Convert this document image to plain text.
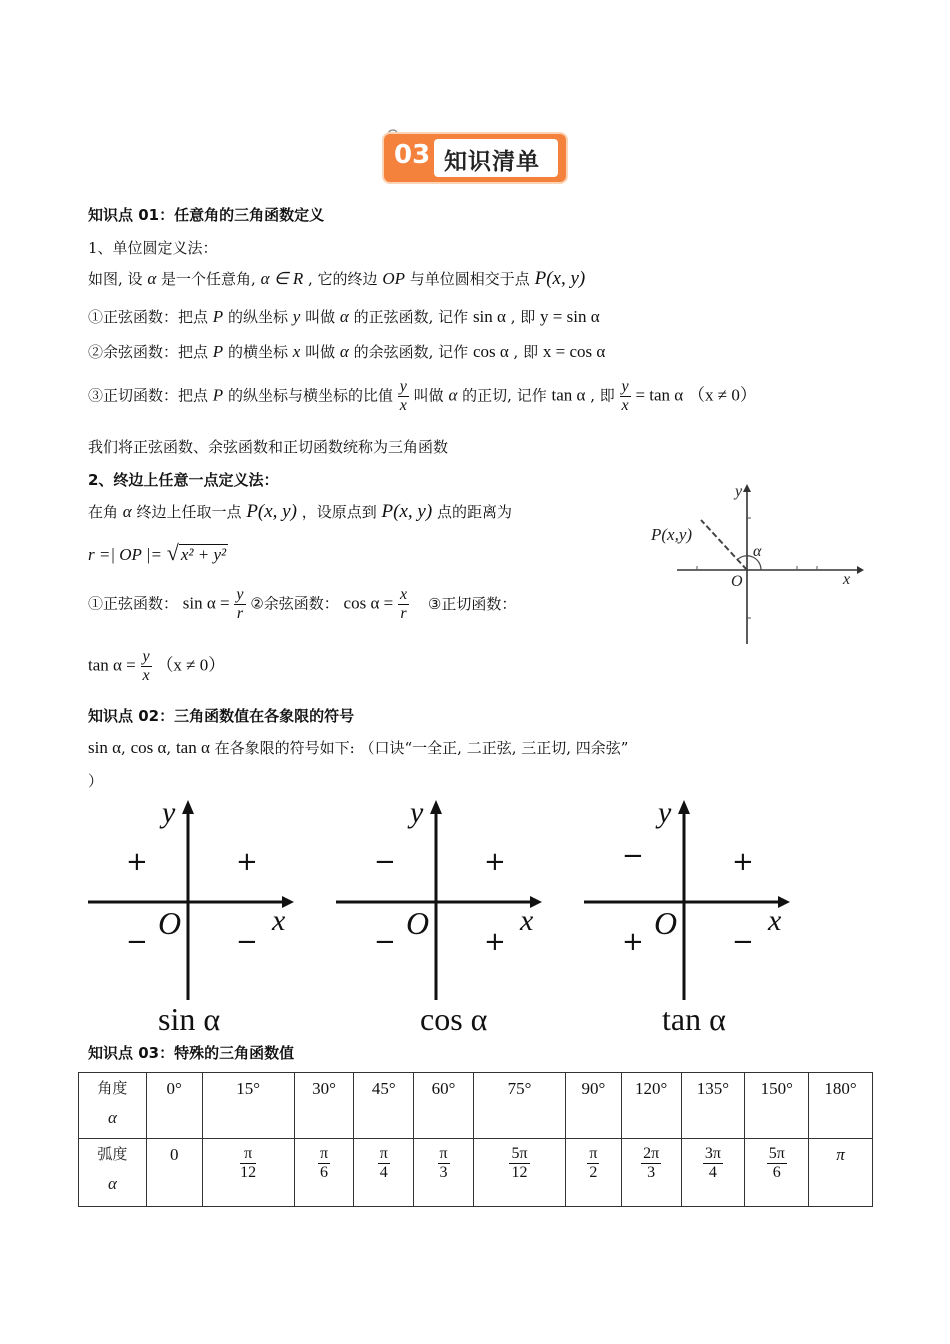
03 知识清单
知识点 01：任意角的三角函数定义
1、单位圆定义法：
如图, 设 α 是一个任意角, α ∈ R , 它的终边 OP 与单位圆相交于点 P(x, y)
①正弦函数：把点 P 的纵坐标 y 叫做 α 的正弦函数, 记作 sin α , 即 y = sin α
②余弦函数：把点 P 的横坐标 x 叫做 α 的余弦函数, 记作 cos α , 即 x = cos α
③正切函数：把点 P 的纵坐标与横坐标的比值 $\frac{y}{x}$ 叫做 α 的正切, 记作 tan α , 即 $\frac{y}{x} = \tan \alpha$ （x ≠ 0）
我们将正弦函数、余弦函数和正切函数统称为三角函数
2、终边上任意一点定义法：
在角 α 终边上任取一点 P(x, y) ，设原点到 P(x, y) 点的距离为
r =| OP |= √ x² + y²
①正弦函数： $\sin \alpha = \frac{y}{r}$ ②余弦函数： $\cos \alpha = \frac{x}{r}$ ③正切函数：
$\tan \alpha = \frac{y}{x} (x \ne 0)$
P(x,y)
α
O	x
y
知识点 02：三角函数值在各象限的符号
sin α, cos α, tan α 在各象限的符号如下: （口诀“一全正, 二正弦, 三正切, 四余弦”
）
y
x
O
+
+
−	−
sin α
y
x
O
+
−
−	+
cos α
y
x
O
+
−
+	−
tan α
知识点 03：特殊的三角函数值
角度
α	0°	15°	30°	45°	60°	75°	90°	120°	135°	150°	180°
弧度
α	0	$\frac{\pi}{12}$	$\frac{\pi}{6}$	$\frac{\pi}{4}$	$\frac{\pi}{3}$	$\frac{5\pi}{12}$	$\frac{\pi}{2}$	$\frac{2\pi}{3}$	$\frac{3\pi}{4}$	$\frac{5\pi}{6}$	π
